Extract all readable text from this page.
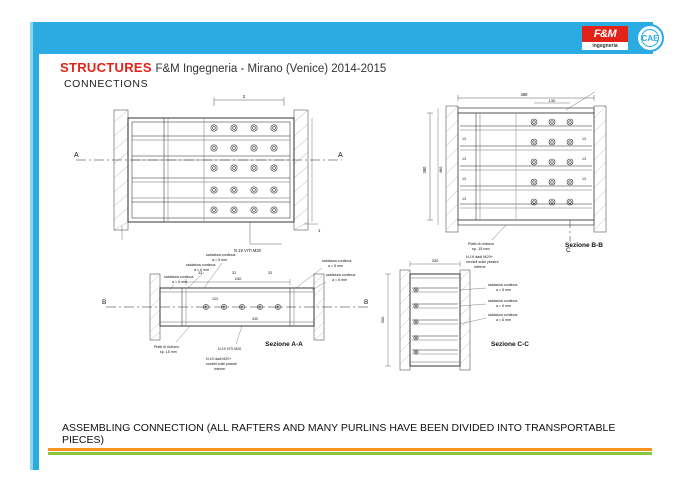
www.caeconference.com
F&M
ingegneria
CAE
STRUCTURES F&M Ingegneria - Mirano (Venice) 2014-2015
CONNECTIONS
A	A
2
N.19 VITI M20
1
468
130
380	480
13
13
13
13
13
13
13
C
Piatti di rinforzo
sp. 15 mm
N.19 dadi M20+
rondell sulle piastre
interne
Sezione B-B
B	B
240
33	33	33
430
123
saldatura continua
a = 5 mm
saldatura continua
a = 6 mm
saldatura continua
a = 6 mm
saldatura continua
a = 5 mm
saldatura continua
a = 6 mm
Piatti di rinforzo
sp. 15 mm
N.19 VITI M20
N.19 dadi M20+
rondell sulle piastre
interne
Sezione A-A
330
300
saldatura continua
a = 5 mm
saldatura continua
a = 6 mm
saldatura continua
a = 6 mm
Sezione C-C
ASSEMBLING CONNECTION (ALL RAFTERS AND MANY PURLINS HAVE BEEN DIVIDED INTO TRANSPORTABLE PIECES)
